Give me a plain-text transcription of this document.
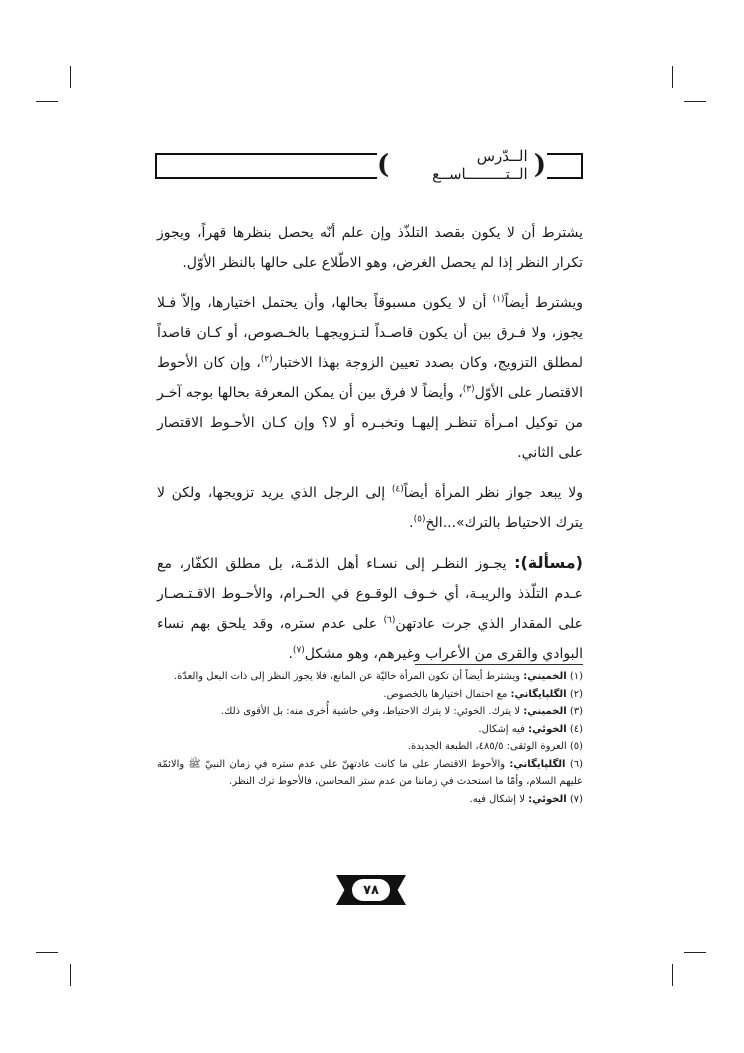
(
الــدّرس الــتـــــــــاســع
)

يشترط أن لا يكون بقصد التلذّذ وإن علم أنّه يحصل بنظرها قهراً، ويجوز تكرار النظر إذا لم يحصل الغرض، وهو الاطّلاع على حالها بالنظر الأوّل.

ويشترط أيضاً$^{(١)}$ أن لا يكون مسبوقاً بحالها، وأن يحتمل اختيارها، وإلاّ فـلا يجوز، ولا فـرق بين أن يكون قاصـداً لتـزويجهـا بالخـصوص، أو كـان قاصداً لمطلق التزويج، وكان بصدد تعيين الزوجة بهذا الاختبار$^{(٢)}$، وإن كان الأحوط الاقتصار على الأوّل$^{(٣)}$، وأيضاً لا فرق بين أن يمكن المعرفة بحالها بوجه آخـر من توكيل امـرأة تنظـر إليهـا وتخبـره أو لا؟ وإن كـان الأحـوط الاقتصار على الثاني.

ولا يبعد جواز نظر المرأة أيضاً$^{(٤)}$ إلى الرجل الذي يريد تزويجها، ولكن لا يترك الاحتياط بالترك»...الخ$^{(٥)}$.

(مسألة): يجـوز النظـر إلى نسـاء أهل الذمّـة، بل مطلق الكفّار، مع عـدم التلّذذ والريبـة، أي خـوف الوقـوع في الحـرام، والأحـوط الاقـتـصـار على المقدار الذي جرت عادتهن$^{(٦)}$ على عدم ستره، وقد يلحق بهم نساء البوادي والقرى من الأعراب وغيرهم، وهو مشكل$^{(٧)}$.

(١) الخميني: ويشترط أيضاً أن تكون المرأة خاليّة عن المانع، فلا يجوز النظر إلى ذات البعل والعدّة.

(٢) الگلپايگاني: مع احتمال اختيارها بالخصوص.

(٣) الخميني: لا يترك. الخوئي: لا يترك الاحتياط، وفي حاشية أُخرى منه: بل الأقوى ذلك.

(٤) الخوئي: فيه إشكال.

(٥) العروة الوثقى: ٤٨٥/٥، الطبعة الجديدة.

(٦) الگلپايگاني: والأحوط الاقتصار على ما كانت عادتهنّ على عدم ستره في زمان النبيّ ﷺ والائمّة عليهم السلام، وأمّا ما استحدث في زماننا من عدم ستر المحاسن، فالأحوط ترك النظر.

(٧) الخوئي: لا إشكال فيه.

٧٨
